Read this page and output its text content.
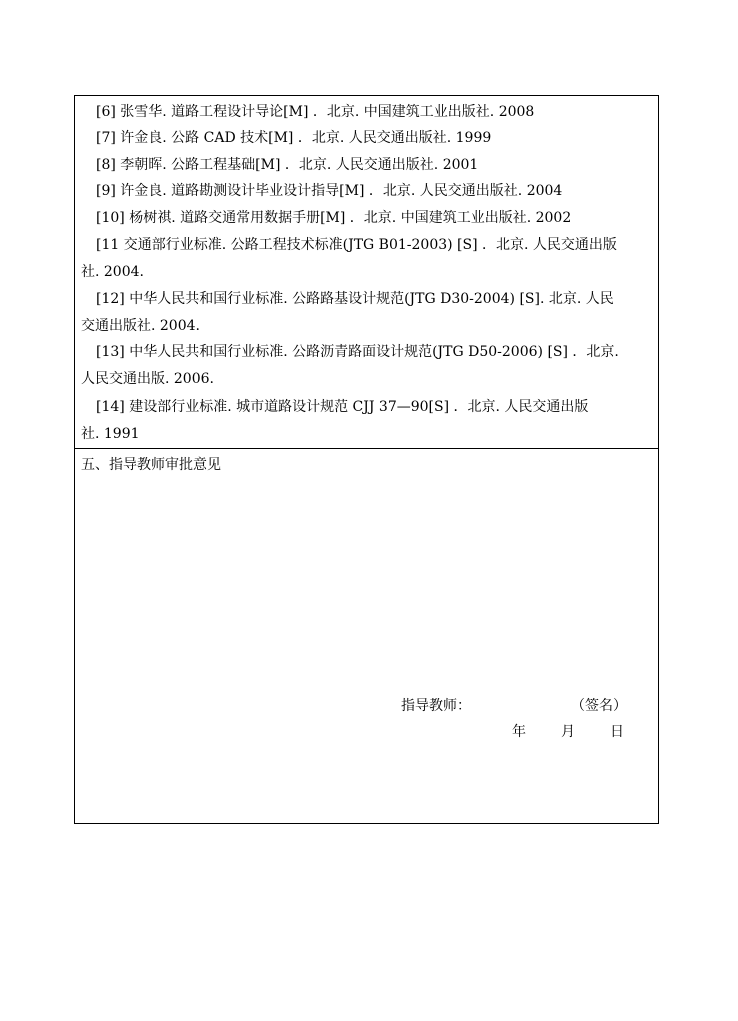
[6] 张雪华. 道路工程设计导论[M] ．北京. 中国建筑工业出版社. 2008
[7] 许金良. 公路 CAD 技术[M] ．北京. 人民交通出版社. 1999
[8] 李朝晖. 公路工程基础[M] ．北京. 人民交通出版社. 2001
[9] 许金良. 道路勘测设计毕业设计指导[M] ．北京. 人民交通出版社. 2004
[10] 杨树祺. 道路交通常用数据手册[M] ．北京. 中国建筑工业出版社. 2002
[11 交通部行业标准. 公路工程技术标准(JTG B01-2003) [S] ．北京. 人民交通出版
社. 2004.
[12] 中华人民共和国行业标准. 公路路基设计规范(JTG D30-2004) [S]. 北京. 人民
交通出版社. 2004.
[13] 中华人民共和国行业标准. 公路沥青路面设计规范(JTG D50-2006) [S] ．北京.
人民交通出版. 2006.
[14] 建设部行业标准. 城市道路设计规范 CJJ 37—90[S] ．北京. 人民交通出版
社. 1991
五、指导教师审批意见
指导教师：	（签名）
年	月	日
